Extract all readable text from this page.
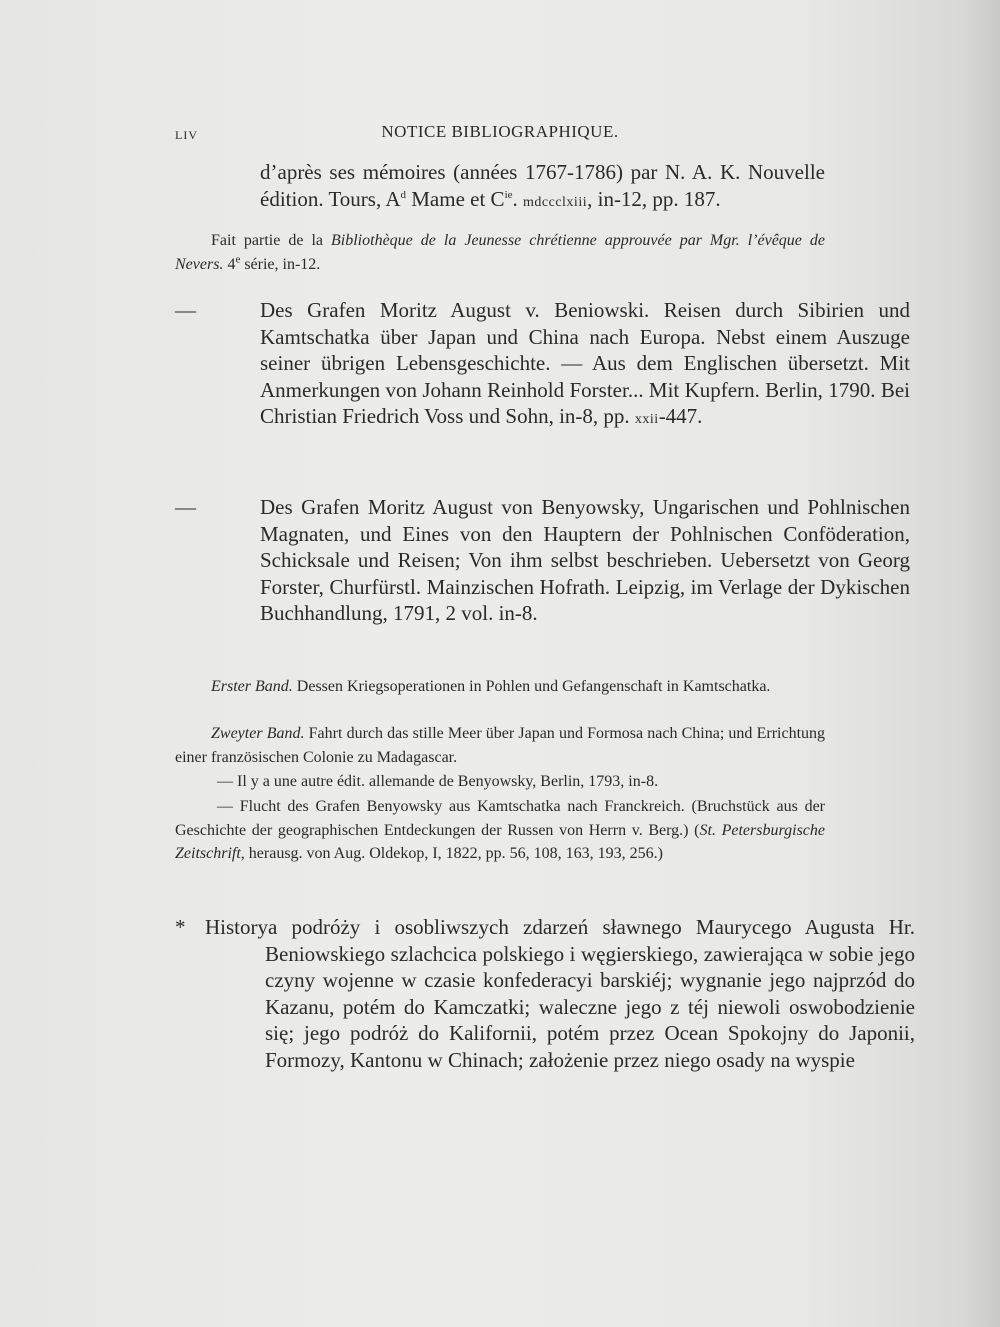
LIV	NOTICE BIBLIOGRAPHIQUE.

d’après ses mémoires (années 1767-1786) par N. A. K. Nouvelle édition. Tours, $A^d$ Mame et $C^{ie}$. mdccclxiii, in-12, pp. 187.

Fait partie de la Bibliothèque de la Jeunesse chrétienne approuvée par Mgr. l’évêque de Nevers. 4e série, in-12.

—	Des Grafen Moritz August v. Beniowski. Reisen durch Sibirien und Kamtschatka über Japan und China nach Europa. Nebst einem Auszuge seiner übrigen Lebensgeschichte. — Aus dem Englischen übersetzt. Mit Anmerkungen von Johann Reinhold Forster... Mit Kupfern. Berlin, 1790. Bei Christian Friedrich Voss und Sohn, in-8, pp. xxii-447.

—	Des Grafen Moritz August von Benyowsky, Ungarischen und Pohlnischen Magnaten, und Eines von den Hauptern der Pohlnischen Conföderation, Schicksale und Reisen; Von ihm selbst beschrieben. Uebersetzt von Georg Forster, Churfürstl. Mainzischen Hofrath. Leipzig, im Verlage der Dykischen Buchhandlung, 1791, 2 vol. in-8.

Erster Band. Dessen Kriegsoperationen in Pohlen und Gefangenschaft in Kamtschatka.

Zweyter Band. Fahrt durch das stille Meer über Japan und Formosa nach China; und Errichtung einer französischen Colonie zu Madagascar.

— Il y a une autre édit. allemande de Benyowsky, Berlin, 1793, in-8.

— Flucht des Grafen Benyowsky aus Kamtschatka nach Franckreich. (Bruchstück aus der Geschichte der geographischen Entdeckungen der Russen von Herrn v. Berg.) (St. Petersburgische Zeitschrift, herausg. von Aug. Oldekop, I, 1822, pp. 56, 108, 163, 193, 256.)

* Historya podróży i osobliwszych zdarzeń sławnego Maurycego Augusta Hr. Beniowskiego szlachcica polskiego i węgierskiego, zawierająca w sobie jego czyny wojenne w czasie konfederacyi barskiéj; wygnanie jego najprzód do Kazanu, potém do Kamczatki; waleczne jego z téj niewoli oswobodzienie się; jego podróż do Kalifornii, potém przez Ocean Spokojny do Japonii, Formozy, Kantonu w Chinach; założenie przez niego osady na wyspie
